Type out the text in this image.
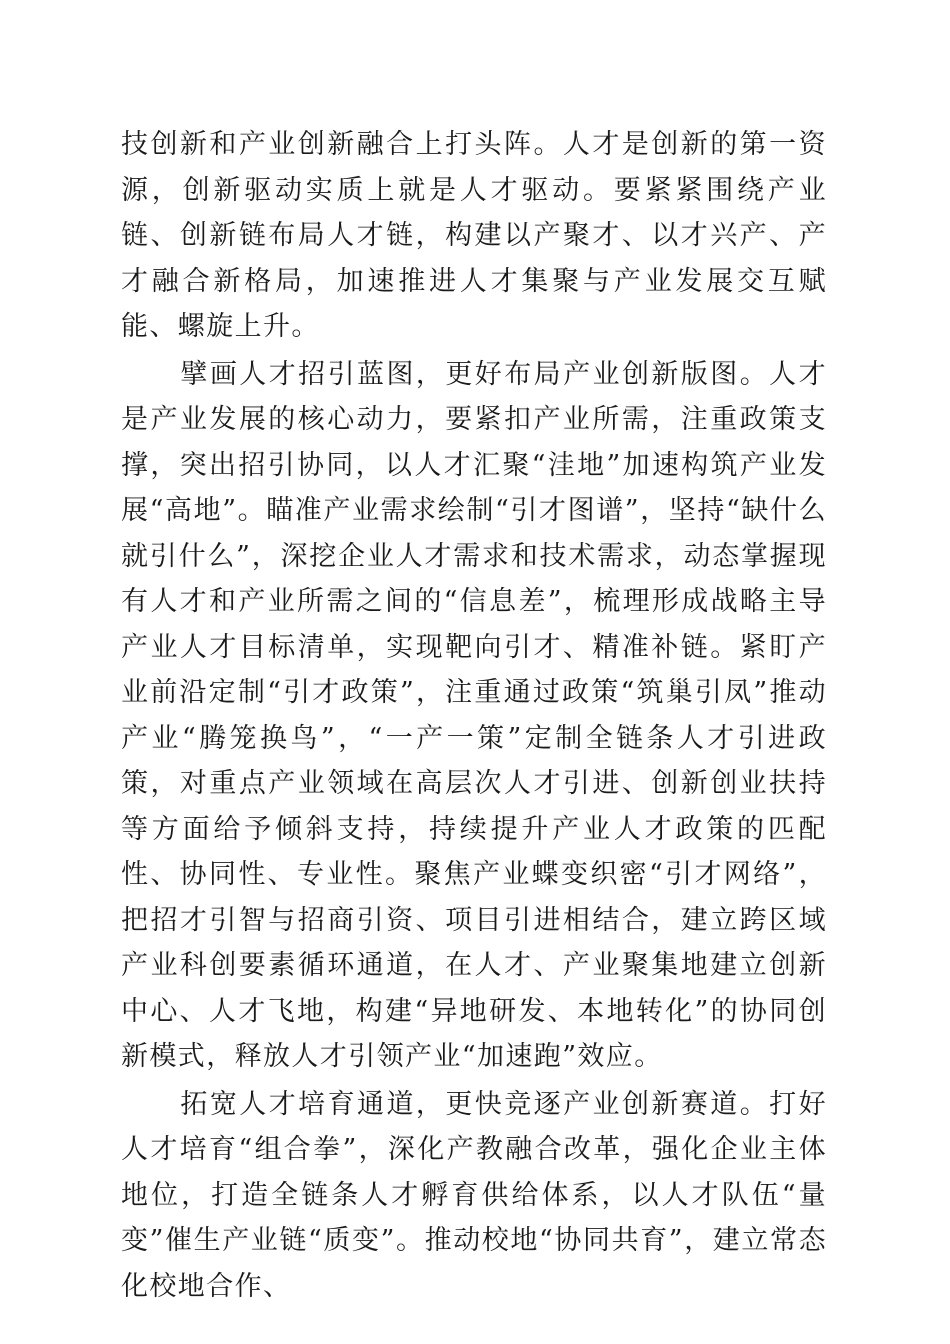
技创新和产业创新融合上打头阵。人才是创新的第一资源，创新驱动实质上就是人才驱动。要紧紧围绕产业链、创新链布局人才链，构建以产聚才、以才兴产、产才融合新格局，加速推进人才集聚与产业发展交互赋能、螺旋上升。

擘画人才招引蓝图，更好布局产业创新版图。人才是产业发展的核心动力，要紧扣产业所需，注重政策支撑，突出招引协同，以人才汇聚“洼地”加速构筑产业发展“高地”。瞄准产业需求绘制“引才图谱”，坚持“缺什么就引什么”，深挖企业人才需求和技术需求，动态掌握现有人才和产业所需之间的“信息差”，梳理形成战略主导产业人才目标清单，实现靶向引才、精准补链。紧盯产业前沿定制“引才政策”，注重通过政策“筑巢引凤”推动产业“腾笼换鸟”，“一产一策”定制全链条人才引进政策，对重点产业领域在高层次人才引进、创新创业扶持等方面给予倾斜支持，持续提升产业人才政策的匹配性、协同性、专业性。聚焦产业蝶变织密“引才网络”，把招才引智与招商引资、项目引进相结合，建立跨区域产业科创要素循环通道，在人才、产业聚集地建立创新中心、人才飞地，构建“异地研发、本地转化”的协同创新模式，释放人才引领产业“加速跑”效应。

拓宽人才培育通道，更快竞逐产业创新赛道。打好人才培育“组合拳”，深化产教融合改革，强化企业主体地位，打造全链条人才孵育供给体系，以人才队伍“量变”催生产业链“质变”。推动校地“协同共育”，建立常态化校地合作、
